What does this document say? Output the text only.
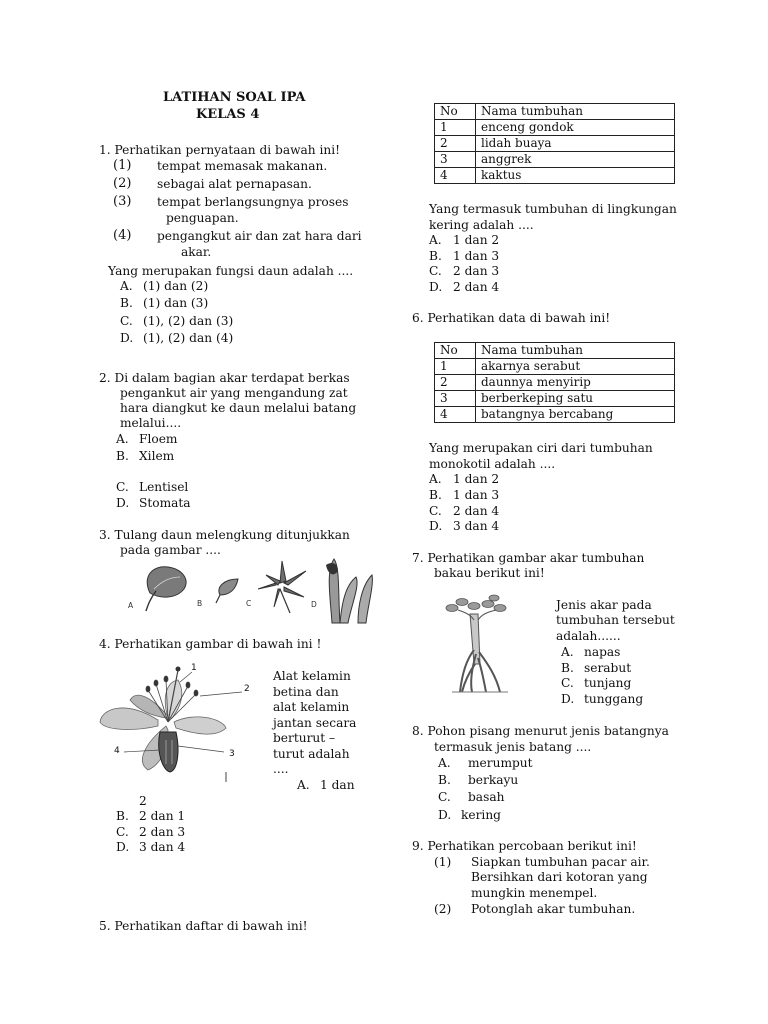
LATIHAN SOAL IPA
KELAS 4
1. Perhatikan pernyataan di bawah ini!
(1) tempat memasak makanan.
(2) sebagai alat pernapasan.
(3) tempat berlangsungnya proses
penguapan.
(4) pengangkut air dan zat hara dari
akar.
Yang merupakan fungsi daun adalah ....
A. (1) dan (2)
B. (1) dan (3)
C. (1), (2) dan (3)
D. (1), (2) dan (4)
2. Di dalam bagian akar terdapat berkas
pengankut air yang mengandung zat
hara diangkut ke daun melalui batang
melalui....
A. Floem
B. Xilem
C. Lentisel
D. Stomata
3. Tulang daun melengkung ditunjukkan
pada gambar ....
A	B	C	D
4. Perhatikan gambar di bawah ini !
1
2
3
4
Alat kelamin
betina dan
alat kelamin
jantan secara
berturut –
turut adalah
....
A. 1 dan
2
B. 2 dan 1
C. 2 dan 3
D. 3 dan 4
5. Perhatikan daftar di bawah ini!
No	Nama tumbuhan
1	enceng gondok
2	lidah buaya
3	anggrek
4	kaktus
Yang termasuk tumbuhan di lingkungan
kering adalah ....
A. 1 dan 2
B. 1 dan 3
C. 2 dan 3
D. 2 dan 4
6. Perhatikan data di bawah ini!
No	Nama tumbuhan
1	akarnya serabut
2	daunnya menyirip
3	berberkeping satu
4	batangnya bercabang
Yang merupakan ciri dari tumbuhan
monokotil adalah ....
A. 1 dan 2
B. 1 dan 3
C. 2 dan 4
D. 3 dan 4
7. Perhatikan gambar akar tumbuhan
bakau berikut ini!
Jenis akar pada
tumbuhan tersebut
adalah......
A. napas
B. serabut
C. tunjang
D. tunggang
8. Pohon pisang menurut jenis batangnya
termasuk jenis batang ....
A. merumput
B. berkayu
C. basah
D. kering
9. Perhatikan percobaan berikut ini!
(1) Siapkan tumbuhan pacar air.
Bersihkan dari kotoran yang
mungkin menempel.
(2) Potonglah akar tumbuhan.
